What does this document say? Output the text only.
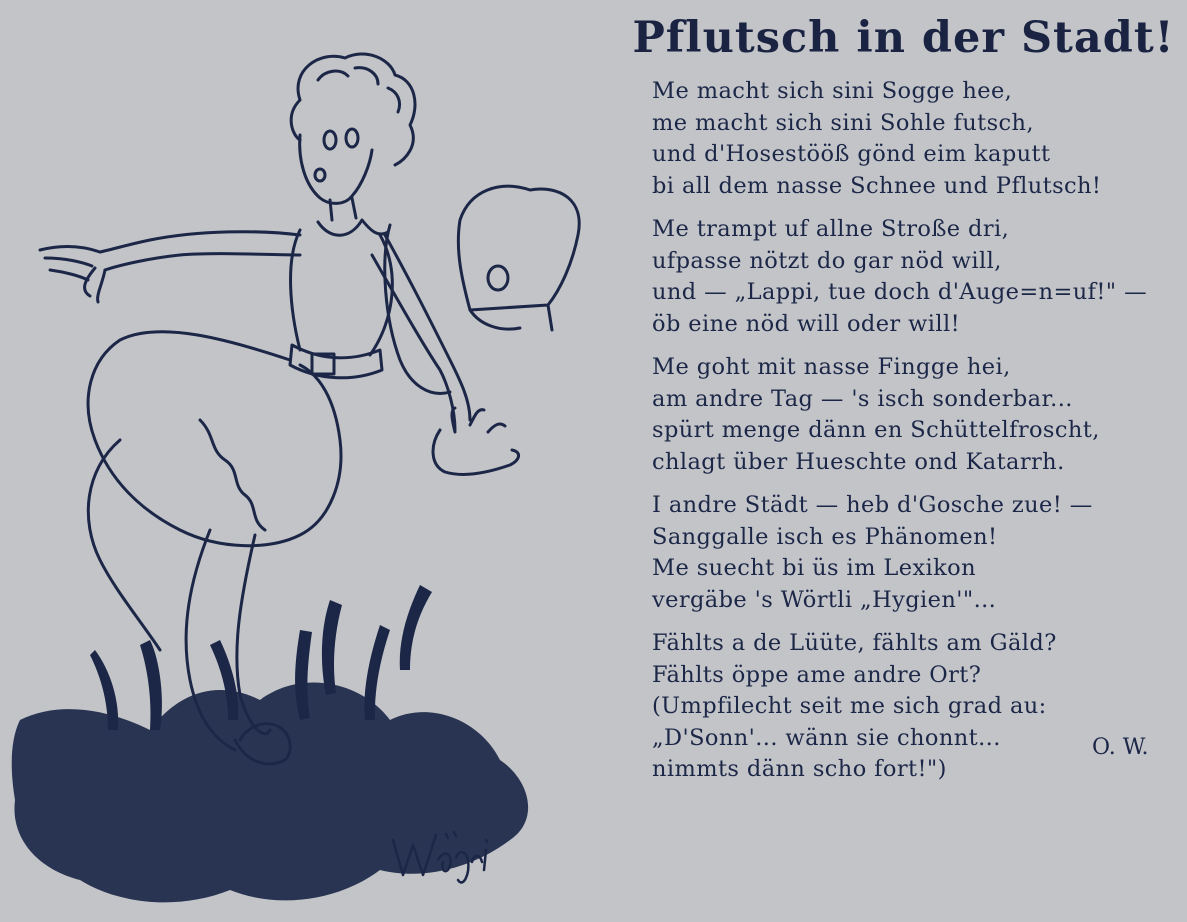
Pflutsch in der Stadt!
Me macht sich sini Sogge hee,
me macht sich sini Sohle futsch,
und d'Hosestööß gönd eim kaputt
bi all dem nasse Schnee und Pflutsch!
Me trampt uf allne Stroße dri,
ufpasse nötzt do gar nöd will,
und — „Lappi, tue doch d'Auge=n=uf!" —
öb eine nöd will oder will!
Me goht mit nasse Fingge hei,
am andre Tag — 's isch sonderbar...
spürt menge dänn en Schüttelfroscht,
chlagt über Hueschte ond Katarrh.
I andre Städt — heb d'Gosche zue! —
Sanggalle isch es Phänomen!
Me suecht bi üs im Lexikon
vergäbe 's Wörtli „Hygien'"...
Fählts a de Lüüte, fählts am Gäld?
Fählts öppe ame andre Ort?
(Umpfilecht seit me sich grad au:
„D'Sonn'... wänn sie chonnt...
nimmts dänn scho fort!")
O. W.
